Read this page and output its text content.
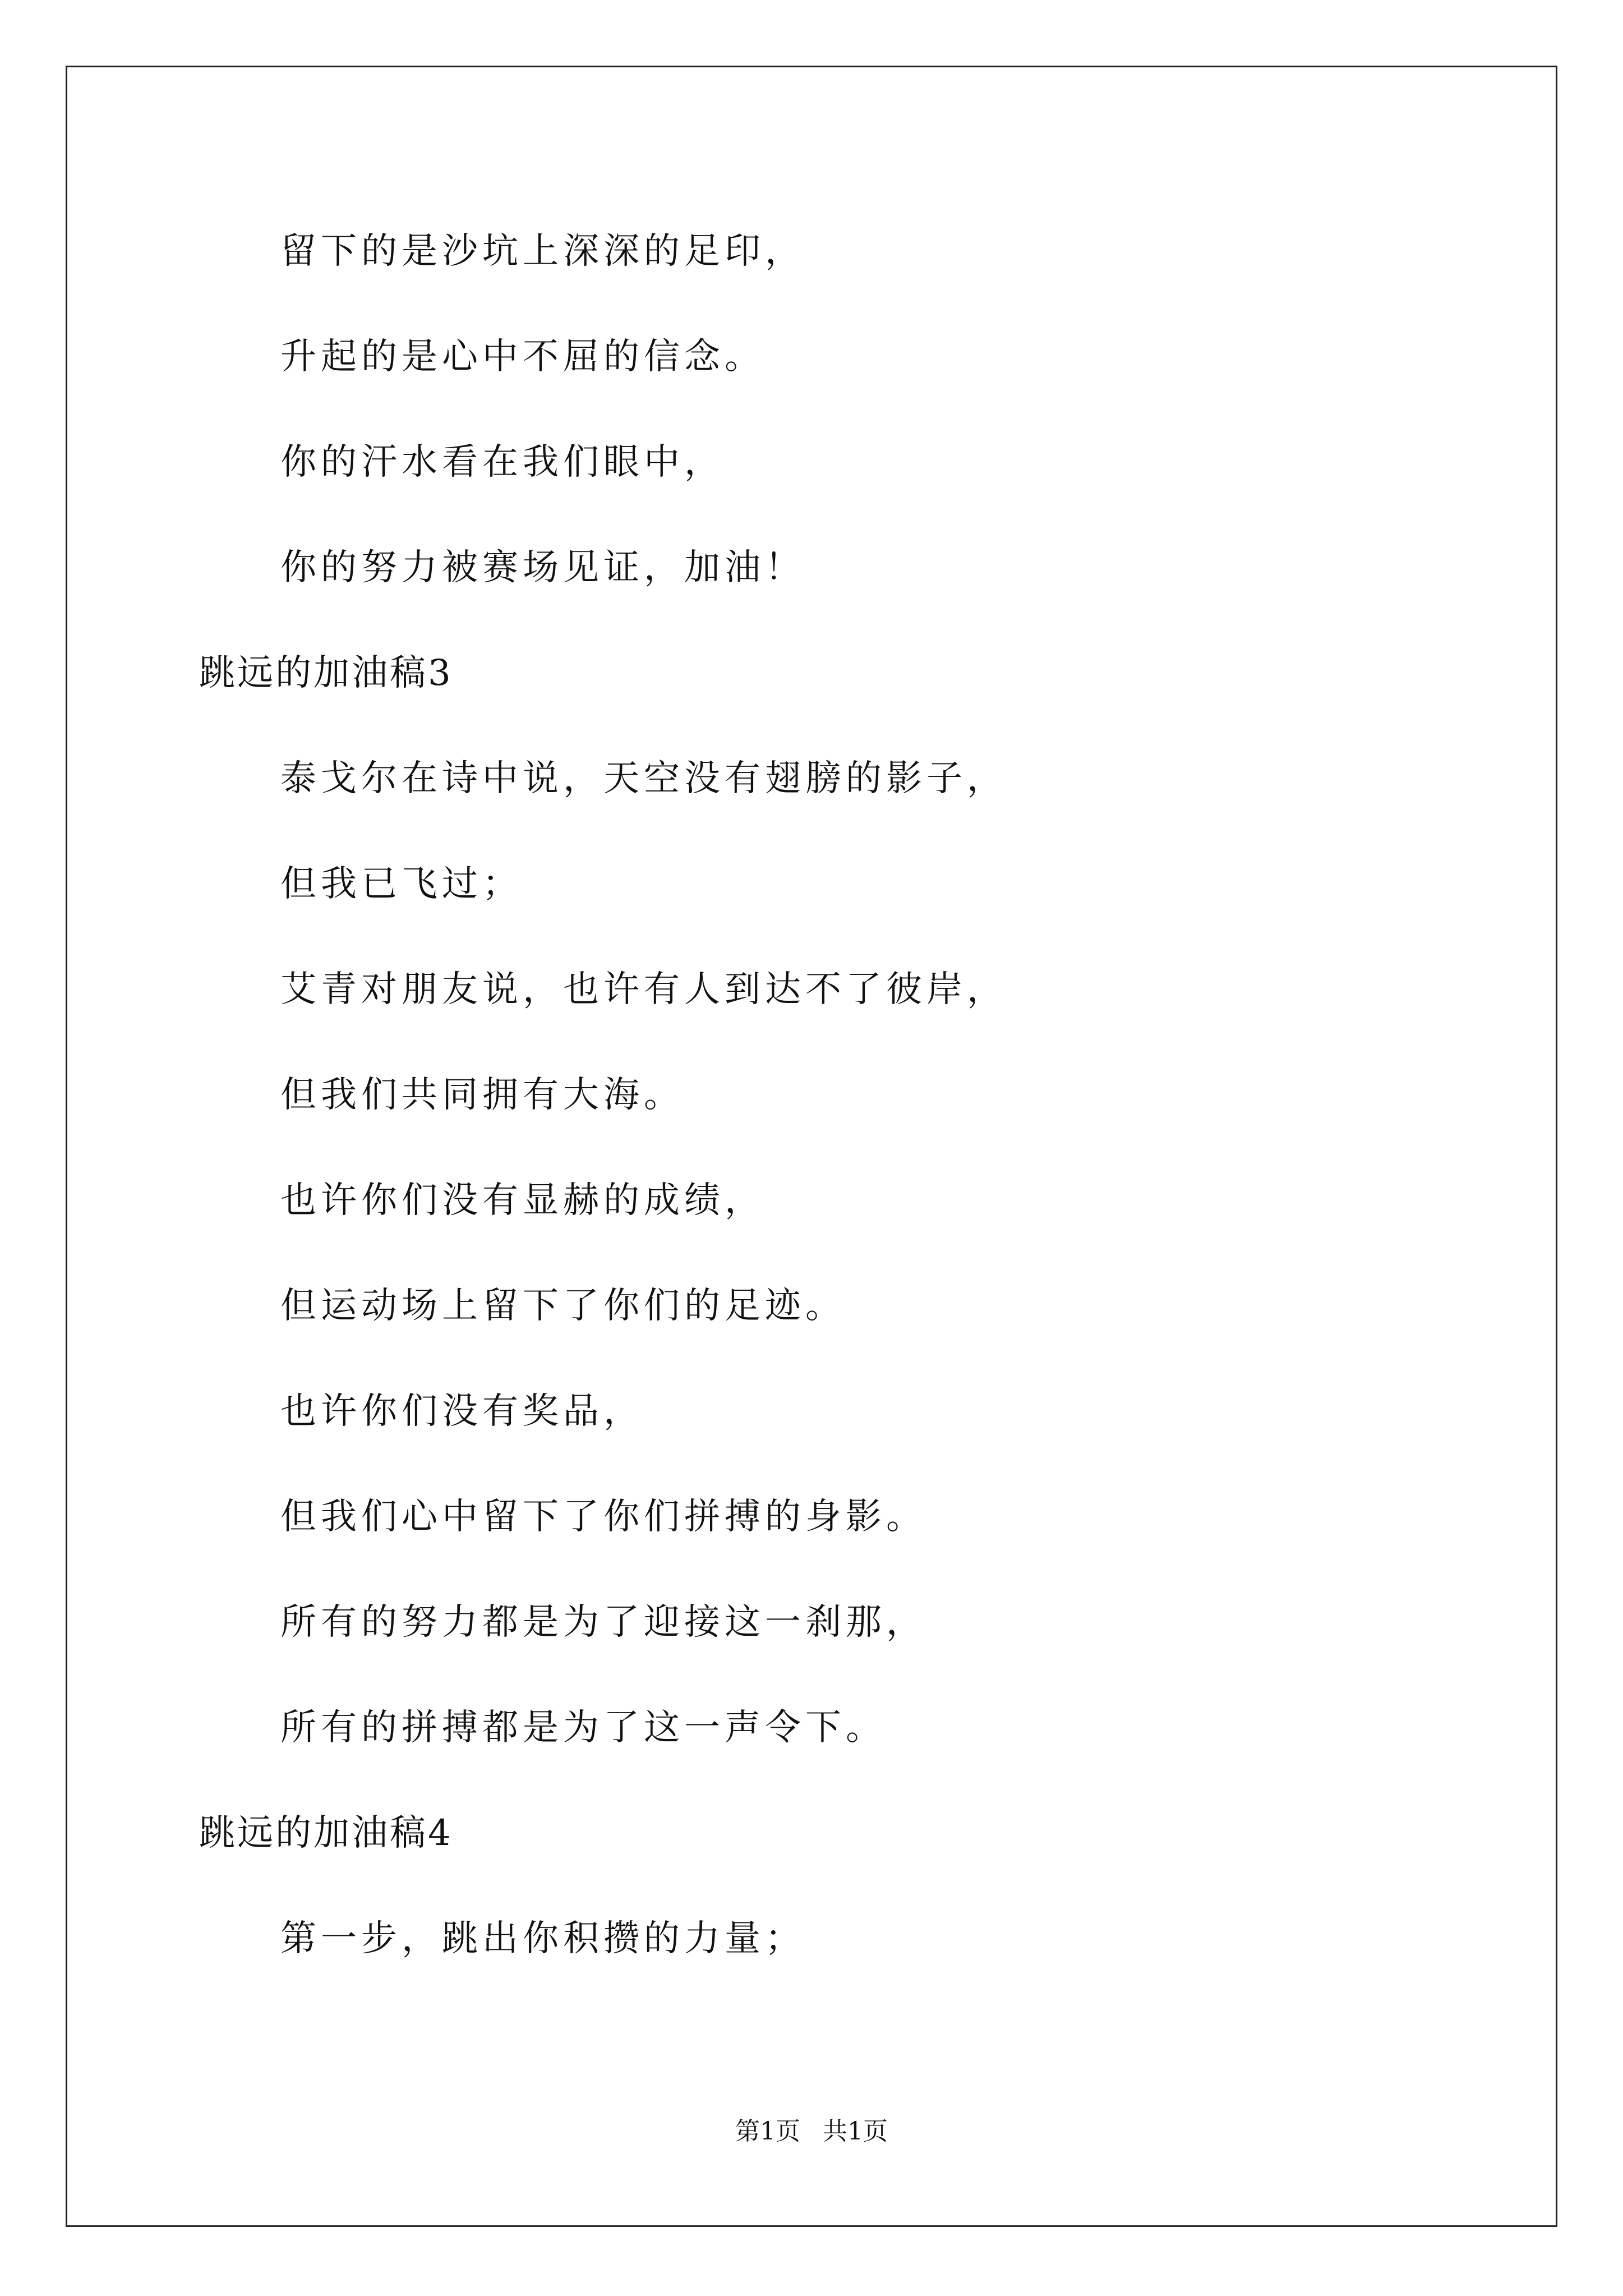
留下的是沙坑上深深的足印，
升起的是心中不屈的信念。
你的汗水看在我们眼中，
你的努力被赛场见证，加油！
跳远的加油稿3
泰戈尔在诗中说，天空没有翅膀的影子，
但我已飞过；
艾青对朋友说，也许有人到达不了彼岸，
但我们共同拥有大海。
也许你们没有显赫的成绩，
但运动场上留下了你们的足迹。
也许你们没有奖品，
但我们心中留下了你们拼搏的身影。
所有的努力都是为了迎接这一刹那，
所有的拼搏都是为了这一声令下。
跳远的加油稿4
第一步，跳出你积攒的力量；
第1页 共1页
